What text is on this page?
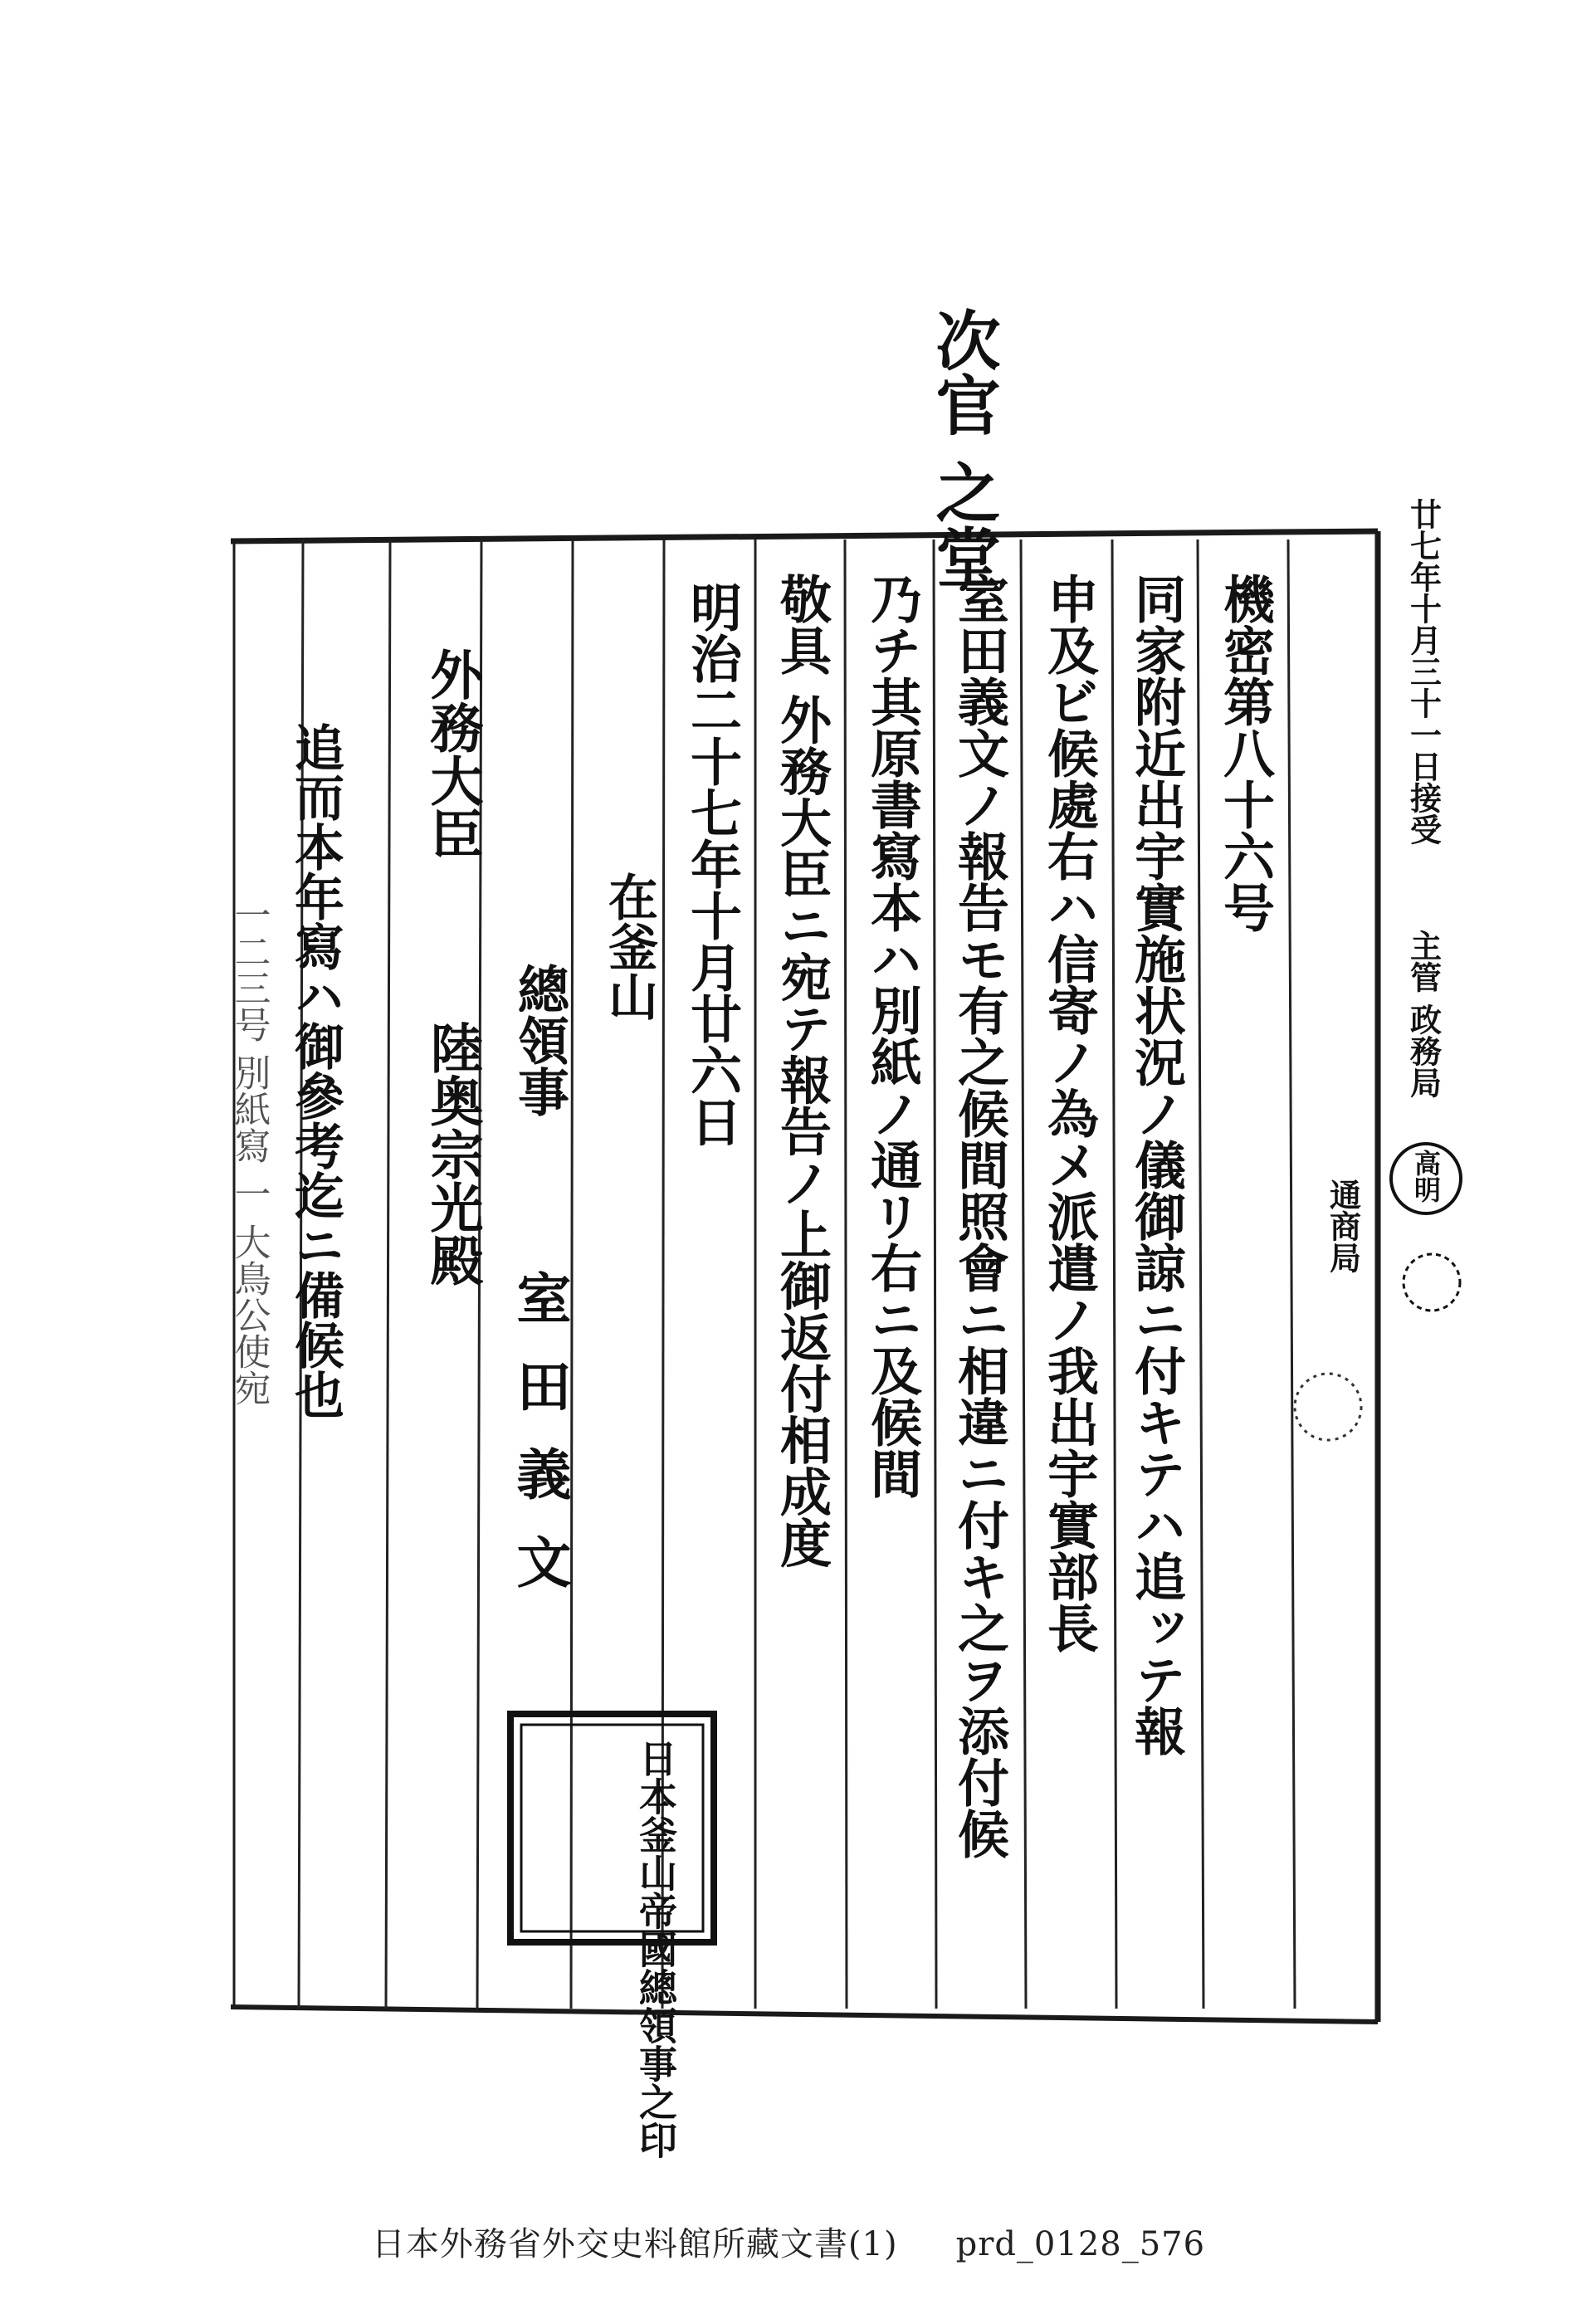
次官 之堂
廿七年十月三十一日接受
主管 政務局
高明
通商局
機密第八十六号
同家附近出宇實施状況ノ儀御諒ニ付キテハ追ッテ報
申及ビ候處右ハ信寄ノ為メ派遣ノ我出宇實部長
室田義文ノ報告モ有之候間照會ニ相違ニ付キ之ヲ添付候
乃チ其原書寫本ハ別紙ノ通リ右ニ及候間
敬具 外務大臣ニ宛テ報告ノ上御返付相成度
明治二十七年十月廿六日
在釜山
總領事
室田義文
日本釜山帝國總領事之印
外務大臣
陸奥宗光殿
追而本年寫ハ御參考迄ニ備候也
一二三号 別紙寫 一 大鳥公使宛
日本外務省外交史料館所藏文書(1) prd_0128_576
